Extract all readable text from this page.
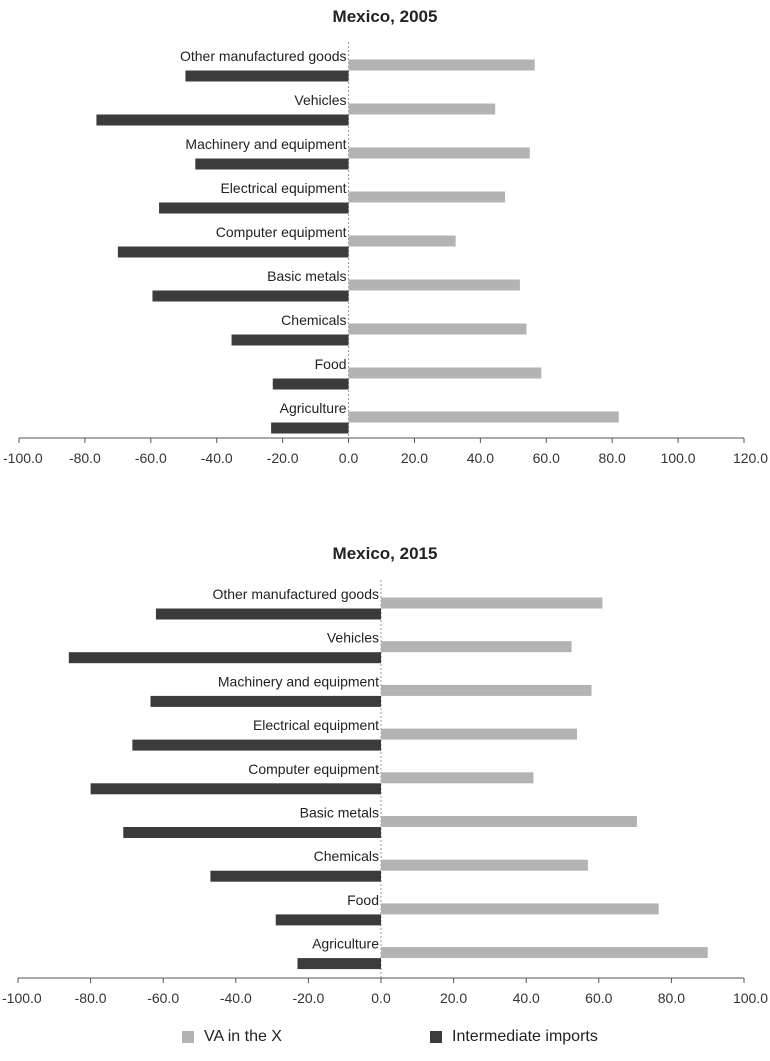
Mexico, 2005
Other manufactured goods
Vehicles
Machinery and equipment
Electrical equipment
Computer equipment
Basic metals
Chemicals
Food
Agriculture
-100.0 -80.0 -60.0 -40.0 -20.0	0.0	20.0	40.0	60.0	80.0 100.0	120.0
Mexico, 2015
Other manufactured goods
Vehicles
Machinery and equipment
Electrical equipment
Computer equipment
Basic metals
Chemicals
Food
Agriculture
-100.0 -80.0	-60.0	-40.0	-20.0	0.0	20.0	40.0	60.0	80.0	100.0
VA in the X	Intermediate imports
